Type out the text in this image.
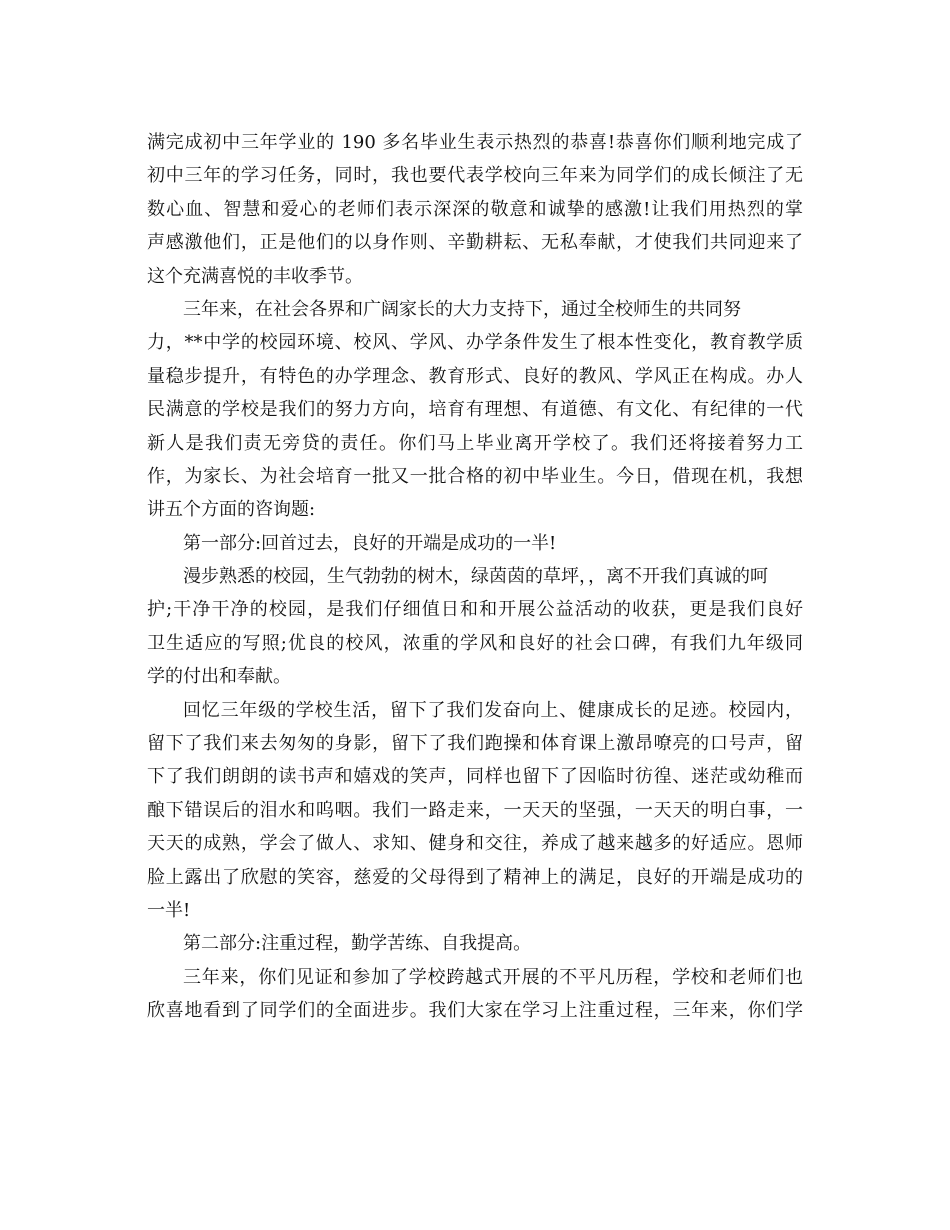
满完成初中三年学业的 190 多名毕业生表示热烈的恭喜!恭喜你们顺利地完成了
初中三年的学习任务，同时，我也要代表学校向三年来为同学们的成长倾注了无
数心血、智慧和爱心的老师们表示深深的敬意和诚挚的感激!让我们用热烈的掌
声感激他们，正是他们的以身作则、辛勤耕耘、无私奉献，才使我们共同迎来了
这个充满喜悦的丰收季节。
三年来，在社会各界和广阔家长的大力支持下，通过全校师生的共同努
力，**中学的校园环境、校风、学风、办学条件发生了根本性变化，教育教学质
量稳步提升，有特色的办学理念、教育形式、良好的教风、学风正在构成。办人
民满意的学校是我们的努力方向，培育有理想、有道德、有文化、有纪律的一代
新人是我们责无旁贷的责任。你们马上毕业离开学校了。我们还将接着努力工
作，为家长、为社会培育一批又一批合格的初中毕业生。今日，借现在机，我想
讲五个方面的咨询题:
第一部分:回首过去，良好的开端是成功的一半!
漫步熟悉的校园，生气勃勃的树木，绿茵茵的草坪，，离不开我们真诚的呵
护;干净干净的校园，是我们仔细值日和和开展公益活动的收获，更是我们良好
卫生适应的写照;优良的校风，浓重的学风和良好的社会口碑，有我们九年级同
学的付出和奉献。
回忆三年级的学校生活，留下了我们发奋向上、健康成长的足迹。校园内，
留下了我们来去匆匆的身影，留下了我们跑操和体育课上激昂嘹亮的口号声，留
下了我们朗朗的读书声和嬉戏的笑声，同样也留下了因临时彷徨、迷茫或幼稚而
酿下错误后的泪水和呜咽。我们一路走来，一天天的坚强，一天天的明白事，一
天天的成熟，学会了做人、求知、健身和交往，养成了越来越多的好适应。恩师
脸上露出了欣慰的笑容，慈爱的父母得到了精神上的满足，良好的开端是成功的
一半!
第二部分:注重过程，勤学苦练、自我提高。
三年来，你们见证和参加了学校跨越式开展的不平凡历程，学校和老师们也
欣喜地看到了同学们的全面进步。我们大家在学习上注重过程，三年来，你们学
